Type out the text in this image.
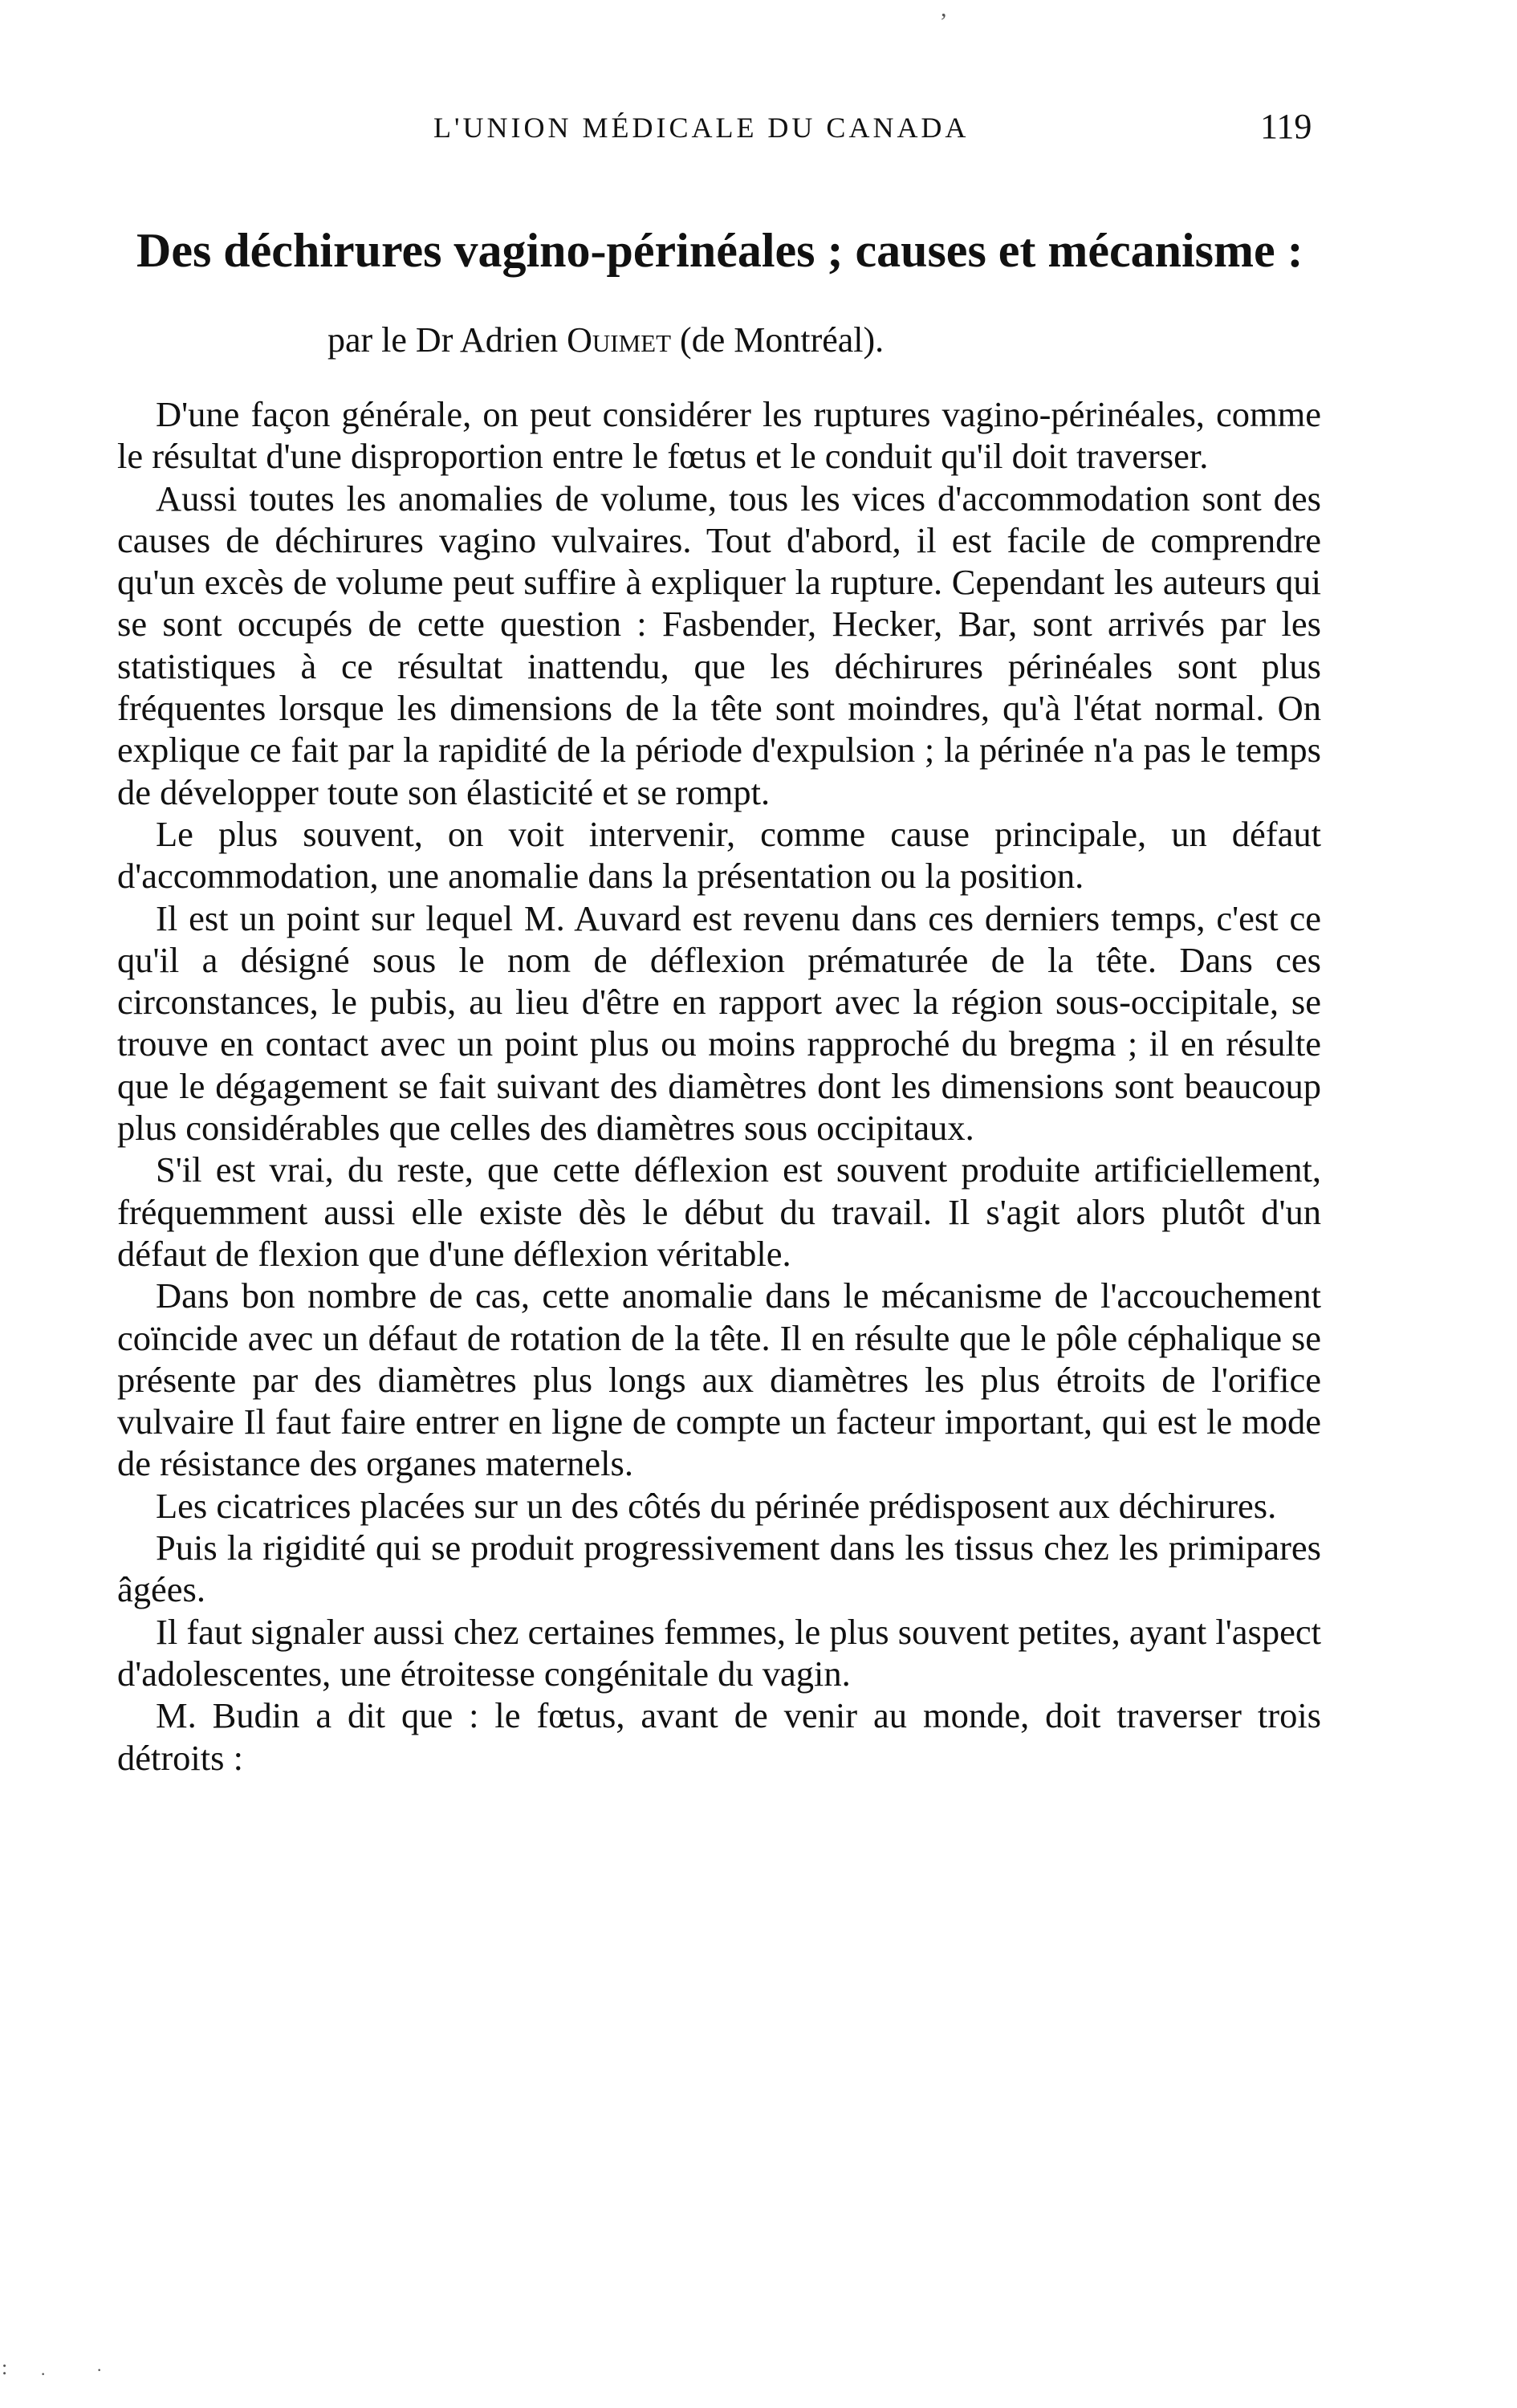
,
L'UNION MÉDICALE DU CANADA	119
Des déchirures vagino-périnéales ; causes et mécanisme :
par le Dr Adrien Ouimet (de Montréal).

D'une façon générale, on peut considérer les ruptures vagino-périnéales, comme le résultat d'une disproportion entre le fœtus et le conduit qu'il doit traverser.

Aussi toutes les anomalies de volume, tous les vices d'accommodation sont des causes de déchirures vagino vulvaires. Tout d'abord, il est facile de comprendre qu'un excès de volume peut suffire à expliquer la rupture. Cependant les auteurs qui se sont occupés de cette question : Fasbender, Hecker, Bar, sont arrivés par les statistiques à ce résultat inattendu, que les déchirures périnéales sont plus fréquentes lorsque les dimensions de la tête sont moindres, qu'à l'état normal. On explique ce fait par la rapidité de la période d'expulsion ; la périnée n'a pas le temps de développer toute son élasticité et se rompt.

Le plus souvent, on voit intervenir, comme cause principale, un défaut d'accommodation, une anomalie dans la présentation ou la position.

Il est un point sur lequel M. Auvard est revenu dans ces derniers temps, c'est ce qu'il a désigné sous le nom de déflexion prématurée de la tête. Dans ces circonstances, le pubis, au lieu d'être en rapport avec la région sous-occipitale, se trouve en contact avec un point plus ou moins rapproché du bregma ; il en résulte que le dégagement se fait suivant des diamètres dont les dimensions sont beaucoup plus considérables que celles des diamètres sous occipitaux.

S'il est vrai, du reste, que cette déflexion est souvent produite artificiellement, fréquemment aussi elle existe dès le début du travail. Il s'agit alors plutôt d'un défaut de flexion que d'une déflexion véritable.

Dans bon nombre de cas, cette anomalie dans le mécanisme de l'accouchement coïncide avec un défaut de rotation de la tête. Il en résulte que le pôle céphalique se présente par des diamètres plus longs aux diamètres les plus étroits de l'orifice vulvaire Il faut faire entrer en ligne de compte un facteur important, qui est le mode de résistance des organes maternels.

Les cicatrices placées sur un des côtés du périnée prédisposent aux déchirures.

Puis la rigidité qui se produit progressivement dans les tissus chez les primipares âgées.

Il faut signaler aussi chez certaines femmes, le plus souvent petites, ayant l'aspect d'adolescentes, une étroitesse congénitale du vagin.

M. Budin a dit que : le fœtus, avant de venir au monde, doit traverser trois détroits :

: ·	·
